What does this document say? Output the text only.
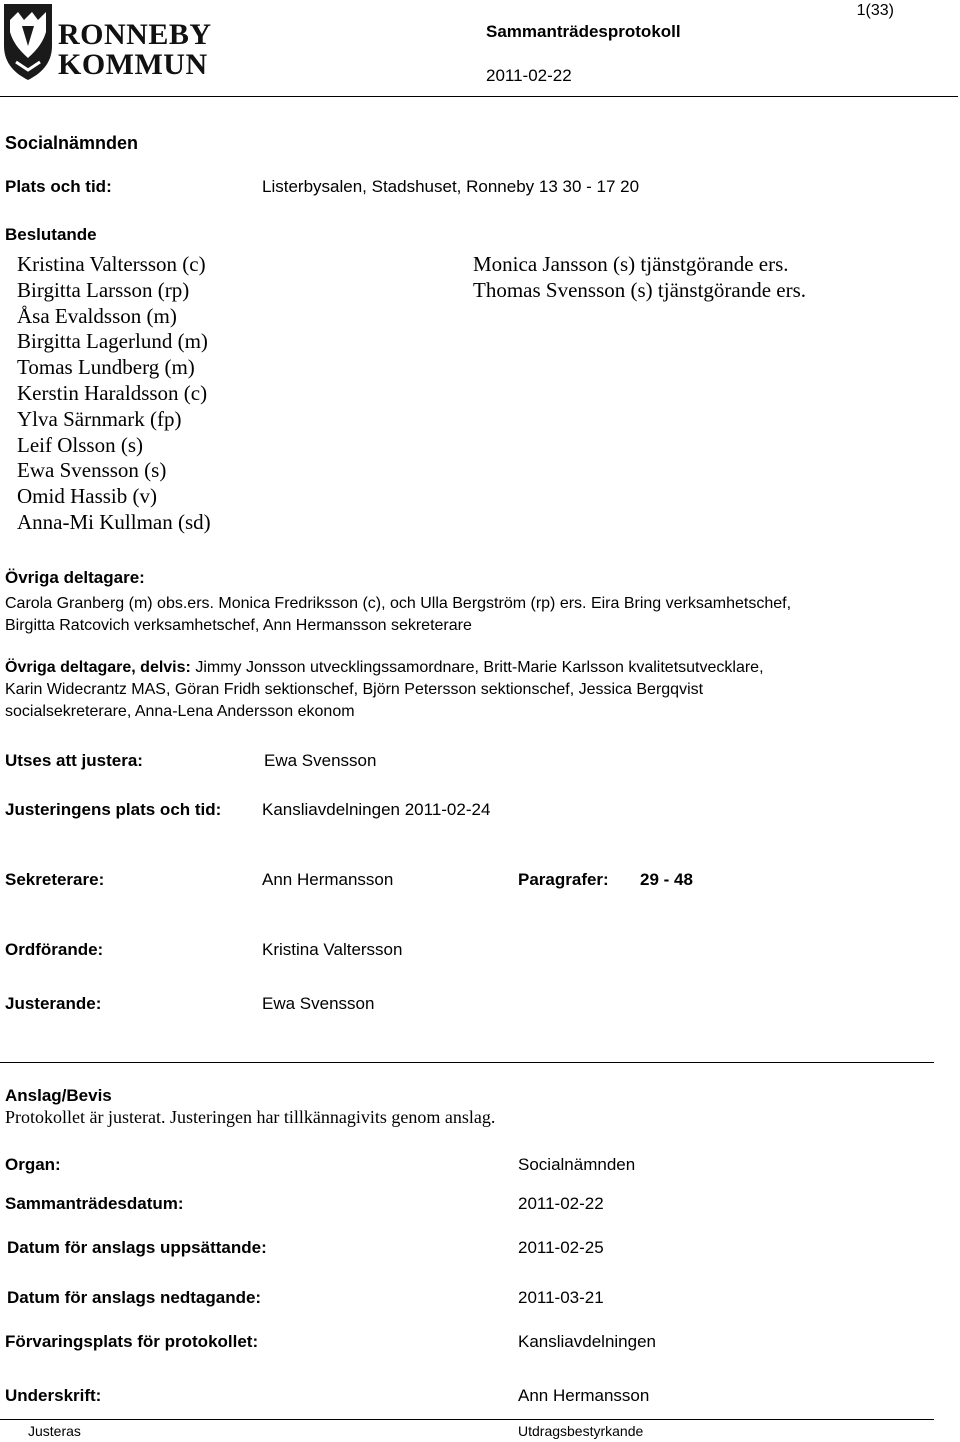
RONNEBY
KOMMUN
1(33)
Sammanträdesprotokoll
2011-02-22
Socialnämnden
Plats och tid:	Listerbysalen, Stadshuset, Ronneby 13 30 - 17 20
Beslutande
Kristina Valtersson (c)
Birgitta Larsson (rp)
Åsa Evaldsson (m)
Birgitta Lagerlund (m)
Tomas Lundberg (m)
Kerstin Haraldsson (c)
Ylva Särnmark (fp)
Leif Olsson (s)
Ewa Svensson (s)
Omid Hassib (v)
Anna-Mi Kullman (sd)
Monica Jansson (s) tjänstgörande ers.
Thomas Svensson (s) tjänstgörande ers.
Övriga deltagare:
Carola Granberg (m) obs.ers. Monica Fredriksson (c), och Ulla Bergström (rp) ers. Eira Bring verksamhetschef,
Birgitta Ratcovich verksamhetschef, Ann Hermansson sekreterare
Övriga deltagare, delvis: Jimmy Jonsson utvecklingssamordnare, Britt-Marie Karlsson kvalitetsutvecklare,
Karin Widecrantz MAS, Göran Fridh sektionschef, Björn Petersson sektionschef, Jessica Bergqvist
socialsekreterare, Anna-Lena Andersson ekonom
Utses att justera:	Ewa Svensson
Justeringens plats och tid: Kansliavdelningen 2011-02-24
Sekreterare:	Ann Hermansson	Paragrafer: 29 - 48
Ordförande:	Kristina Valtersson
Justerande:	Ewa Svensson
Anslag/Bevis
Protokollet är justerat. Justeringen har tillkännagivits genom anslag.
Organ:	Socialnämnden
Sammanträdesdatum:	2011-02-22
Datum för anslags uppsättande:	2011-02-25
Datum för anslags nedtagande:	2011-03-21
Förvaringsplats för protokollet:	Kansliavdelningen
Underskrift:	Ann Hermansson
Justeras	Utdragsbestyrkande
